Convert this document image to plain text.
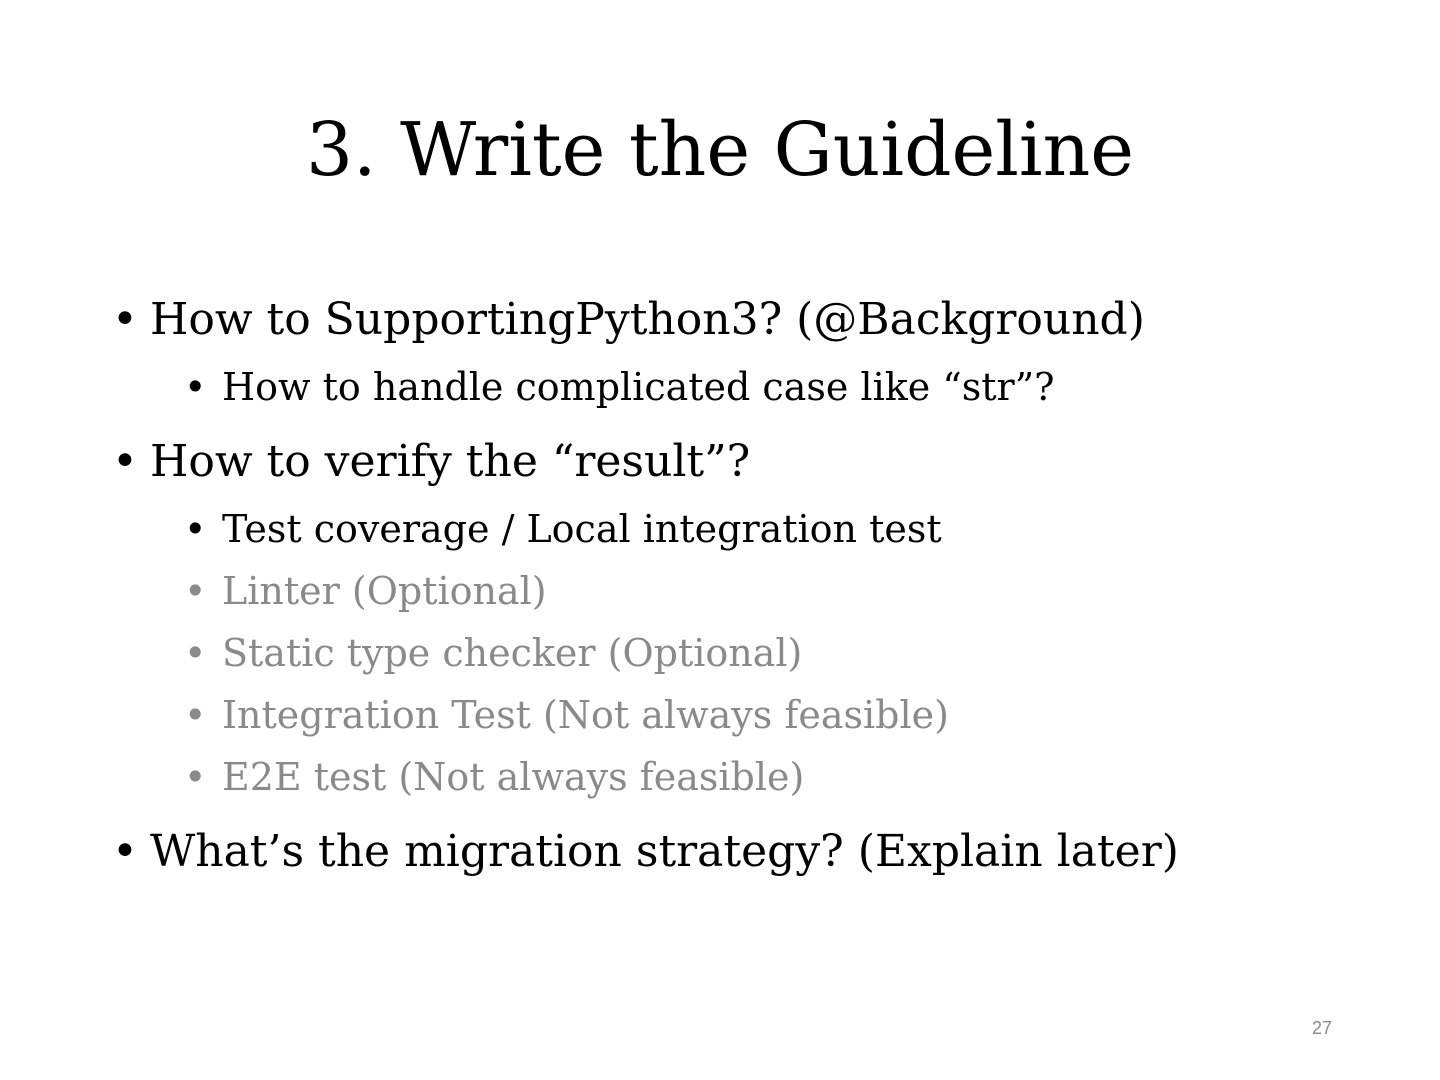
3. Write the Guideline
• How to SupportingPython3? (@Background)
• How to handle complicated case like “str”?
• How to verify the “result”?
• Test coverage / Local integration test
• Linter (Optional)
• Static type checker (Optional)
• Integration Test (Not always feasible)
• E2E test (Not always feasible)
• What’s the migration strategy? (Explain later)
27
